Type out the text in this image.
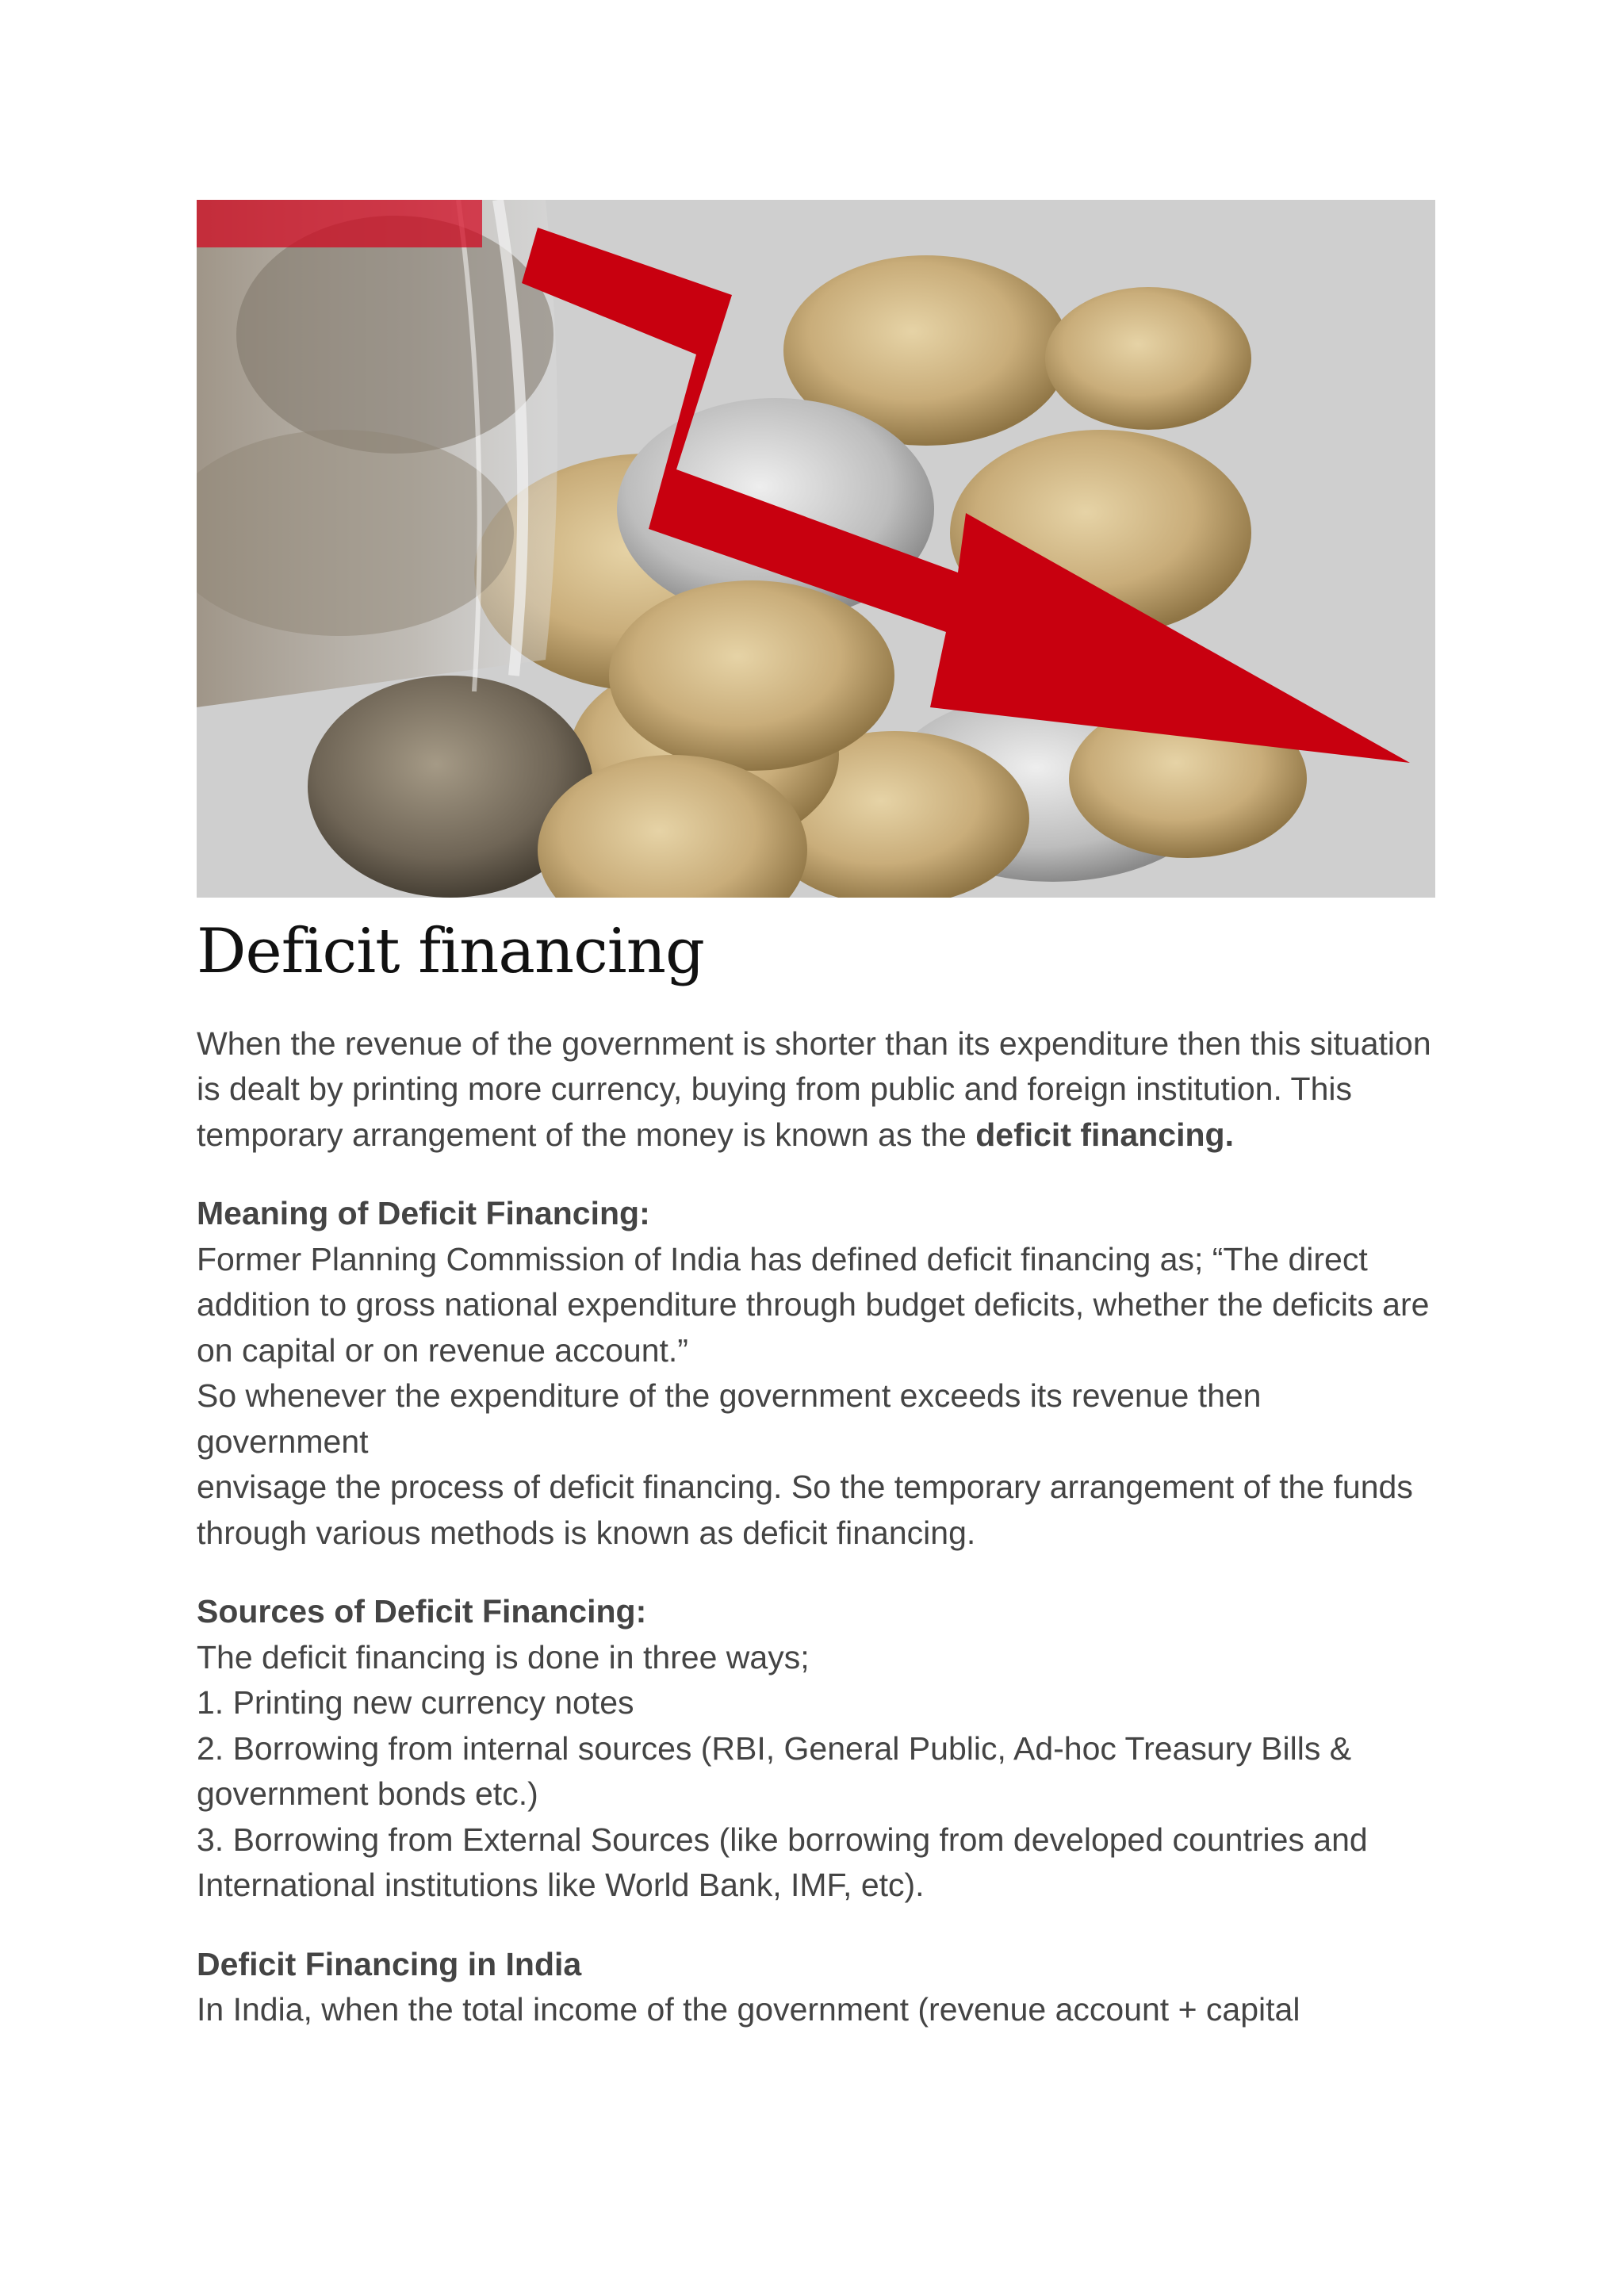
Deficit financing

When the revenue of the government is shorter than its expenditure then this situation is dealt by printing more currency, buying from public and foreign institution. This temporary arrangement of the money is known as the deficit financing.

Meaning of Deficit Financing:

Former Planning Commission of India has defined deficit financing as; “The direct addition to gross national expenditure through budget deficits, whether the deficits are on capital or on revenue account.”

So whenever the expenditure of the government exceeds its revenue then government

envisage the process of deficit financing. So the temporary arrangement of the funds through various methods is known as deficit financing.

Sources of Deficit Financing:

The deficit financing is done in three ways;

1. Printing new currency notes

2. Borrowing from internal sources (RBI, General Public, Ad-hoc Treasury Bills & government bonds etc.)

3. Borrowing from External Sources (like borrowing from developed countries and International institutions like World Bank, IMF, etc).

Deficit Financing in India

In India, when the total income of the government (revenue account + capital
